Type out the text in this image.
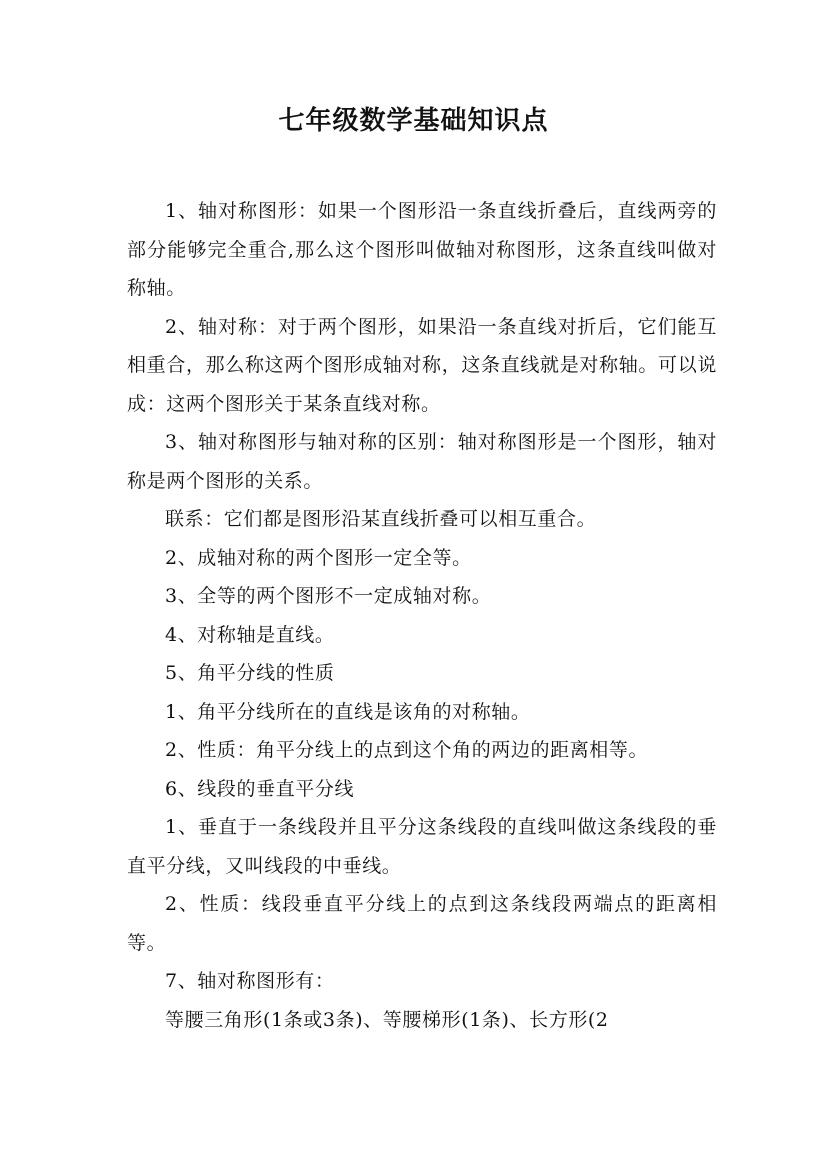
七年级数学基础知识点

1、轴对称图形：如果一个图形沿一条直线折叠后，直线两旁的部分能够完全重合,那么这个图形叫做轴对称图形，这条直线叫做对称轴。

2、轴对称：对于两个图形，如果沿一条直线对折后，它们能互相重合，那么称这两个图形成轴对称，这条直线就是对称轴。可以说成：这两个图形关于某条直线对称。

3、轴对称图形与轴对称的区别：轴对称图形是一个图形，轴对称是两个图形的关系。

联系：它们都是图形沿某直线折叠可以相互重合。

2、成轴对称的两个图形一定全等。

3、全等的两个图形不一定成轴对称。

4、对称轴是直线。

5、角平分线的性质

1、角平分线所在的直线是该角的对称轴。

2、性质：角平分线上的点到这个角的两边的距离相等。

6、线段的垂直平分线

1、垂直于一条线段并且平分这条线段的直线叫做这条线段的垂直平分线，又叫线段的中垂线。

2、性质：线段垂直平分线上的点到这条线段两端点的距离相等。

7、轴对称图形有：

等腰三角形(1条或3条)、等腰梯形(1条)、长方形(2
